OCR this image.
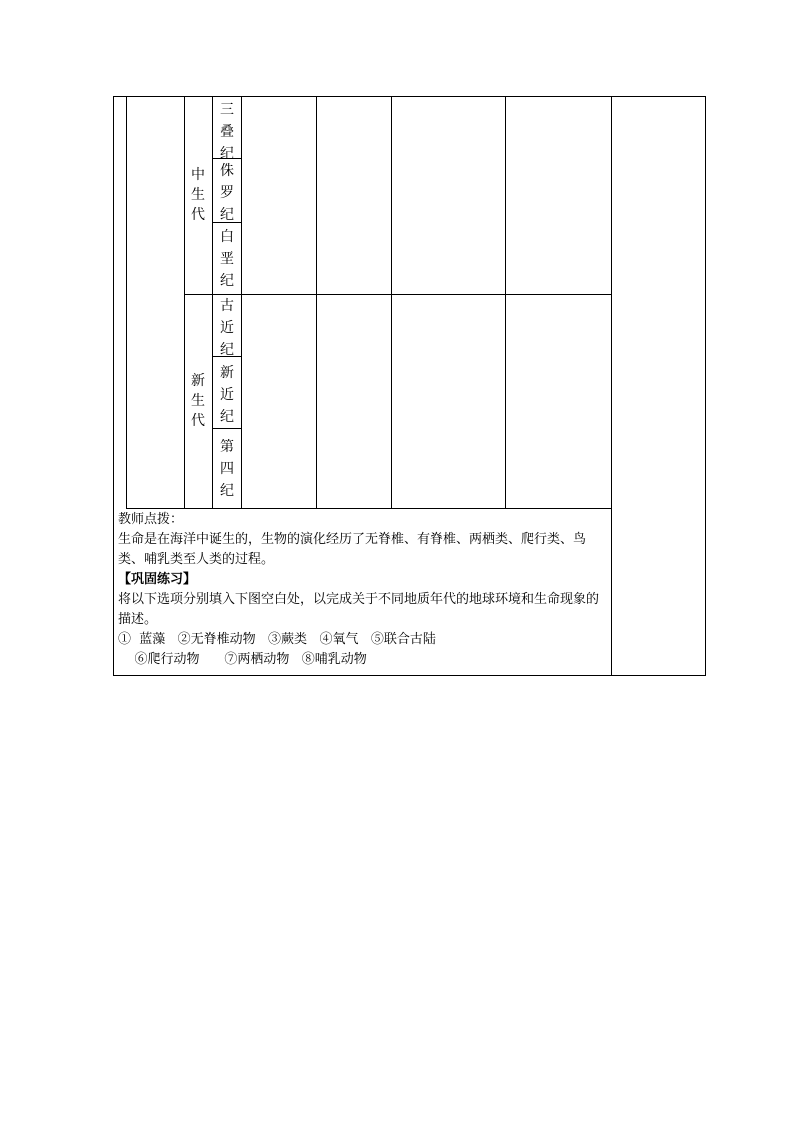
中
生
代
新
生
代
三
叠
纪
侏
罗
纪
白
垩
纪
古
近
纪
新
近
纪
第
四
纪

教师点拨：

生命是在海洋中诞生的，生物的演化经历了无脊椎、有脊椎、两栖类、爬行类、鸟类、哺乳类至人类的过程。

【巩固练习】

将以下选项分别填入下图空白处，以完成关于不同地质年代的地球环境和生命现象的描述。

①  蓝藻   ②无脊椎动物   ③蕨类   ④氧气   ⑤联合古陆

⑥爬行动物      ⑦两栖动物   ⑧哺乳动物
